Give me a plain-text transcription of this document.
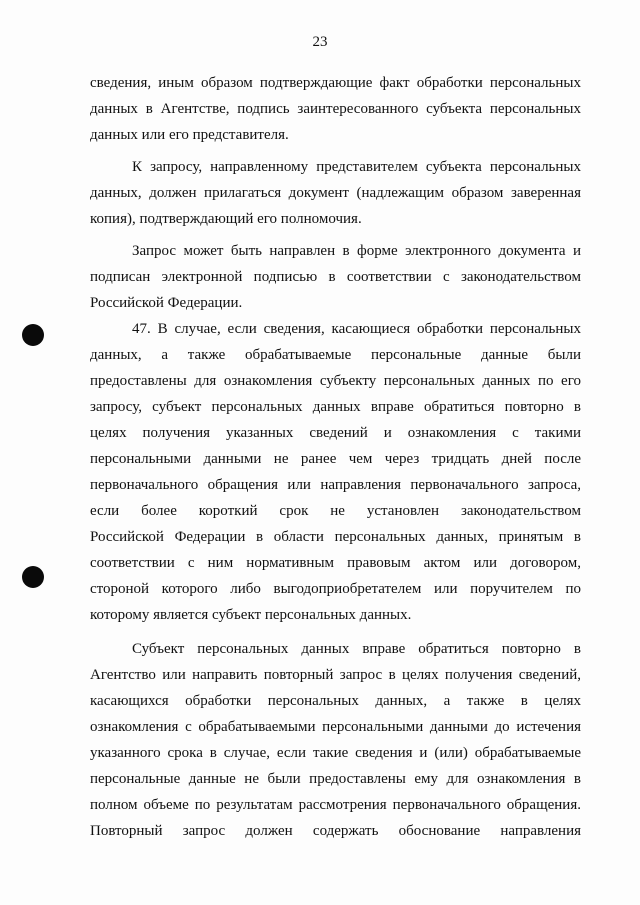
23
сведения, иным образом подтверждающие факт обработки персональных
данных в Агентстве, подпись заинтересованного субъекта персональных
данных или его представителя.
К запросу, направленному представителем субъекта персональных
данных, должен прилагаться документ (надлежащим образом заверенная
копия), подтверждающий его полномочия.
Запрос может быть направлен в форме электронного документа и
подписан электронной подписью в соответствии с законодательством
Российской Федерации.
47. В случае, если сведения, касающиеся обработки персональных
данных, а также обрабатываемые персональные данные были
предоставлены для ознакомления субъекту персональных данных по его
запросу, субъект персональных данных вправе обратиться повторно в
целях получения указанных сведений и ознакомления с такими
персональными данными не ранее чем через тридцать дней после
первоначального обращения или направления первоначального запроса,
если более короткий срок не установлен законодательством
Российской Федерации в области персональных данных, принятым в
соответствии с ним нормативным правовым актом или договором,
стороной которого либо выгодоприобретателем или поручителем по
которому является субъект персональных данных.
Субъект персональных данных вправе обратиться повторно в
Агентство или направить повторный запрос в целях получения сведений,
касающихся обработки персональных данных, а также в целях
ознакомления с обрабатываемыми персональными данными до истечения
указанного срока в случае, если такие сведения и (или) обрабатываемые
персональные данные не были предоставлены ему для ознакомления в
полном объеме по результатам рассмотрения первоначального обращения.
Повторный запрос должен содержать обоснование направления
